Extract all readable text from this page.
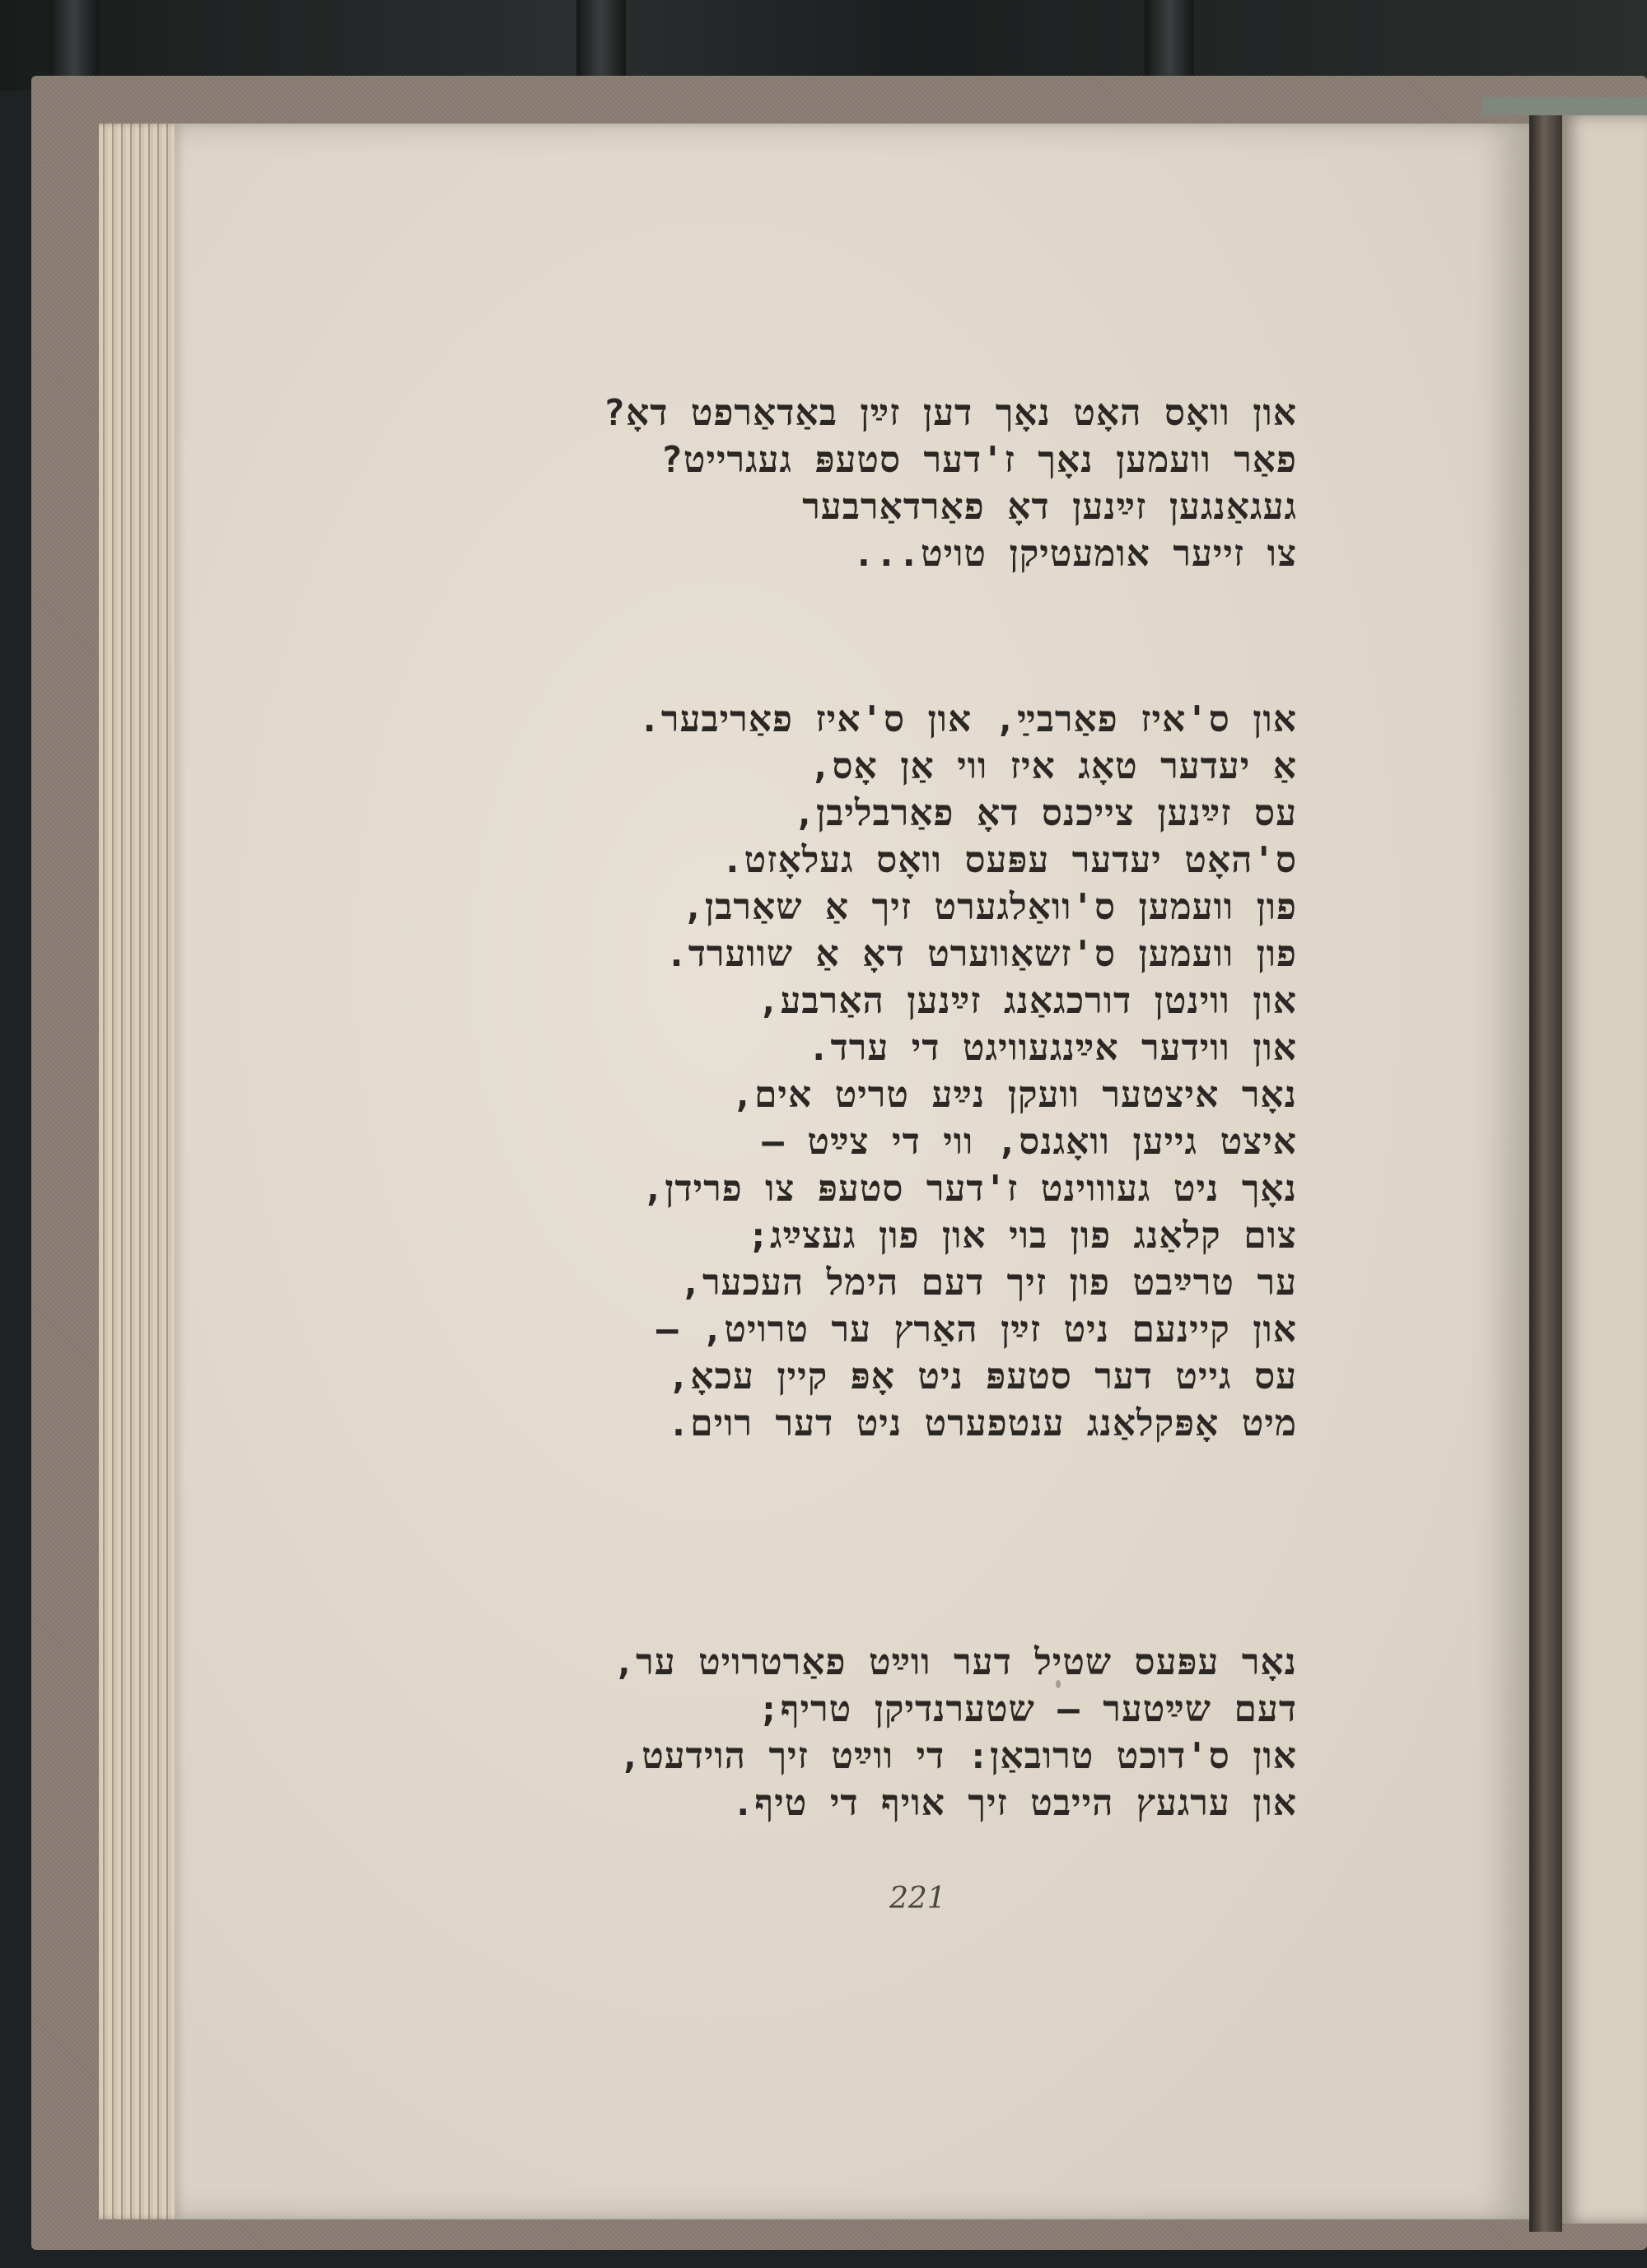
און וואָס האָט נאָך דען זײַן באַדאַרפט דאָ?
פאַר וועמען נאָך ז'דער סטעפּ געגרייט?
געגאַנגען זײַנען דאָ פאַרדאַרבער
צו זייער אומעטיקן טויט...
און ס'איז פאַרבײַ, און ס'איז פאַריבער.
אַ יעדער טאָג איז ווי אַן אָס,
עס זײַנען צייכנס דאָ פאַרבליבן,
ס'האָט יעדער עפּעס וואָס געלאָזט.
פון וועמען ס'וואַלגערט זיך אַ שאַרבן,
פון וועמען ס'זשאַווערט דאָ אַ שווערד.
און ווינטן דורכגאַנג זײַנען האַרבע,
און ווידער אײַנגעוויגט די ערד.
נאָר איצטער וועקן נײַע טריט אים,
איצט גייען וואָגנס, ווי די צײַט —
נאָך ניט געוווינט ז'דער סטעפּ צו פרידן,
צום קלאַנג פון בוי און פון געצײַג;
ער טרײַבט פון זיך דעם הימל העכער,
און קיינעם ניט זײַן האַרץ ער טרויט, —
עס גייט דער סטעפּ ניט אָפּ קיין עכאָ,
מיט אָפּקלאַנג ענטפערט ניט דער רוים.
נאָר עפּעס שטיל דער ווײַט פאַרטרויט ער,
דעם שײַטער — שטערנדיקן טריף;
און ס'דוכט טרובאַן: די ווײַט זיך הוידעט,
און ערגעץ הייבט זיך אויף די טיף.
221
